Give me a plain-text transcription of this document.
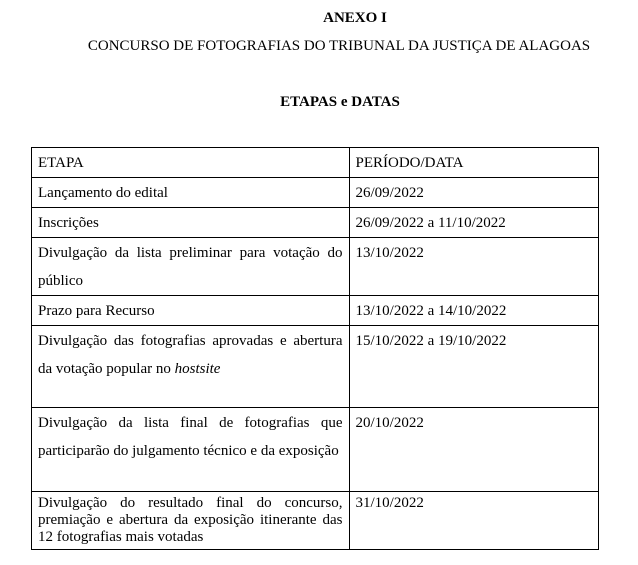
ANEXO I
CONCURSO DE FOTOGRAFIAS DO TRIBUNAL DA JUSTIÇA DE ALAGOAS
ETAPAS e DATAS
ETAPA	PERÍODO/DATA
Lançamento do edital	26/09/2022
Inscrições	26/09/2022 a 11/10/2022
Divulgação da lista preliminar para votação do público	13/10/2022
Prazo para Recurso	13/10/2022 a 14/10/2022
Divulgação das fotografias aprovadas e abertura da votação popular no hostsite	15/10/2022 a 19/10/2022
Divulgação da lista final de fotografias que participarão do julgamento técnico e da exposição	20/10/2022
Divulgação do resultado final do concurso, premiação e abertura da exposição itinerante das 12 fotografias mais votadas	31/10/2022
